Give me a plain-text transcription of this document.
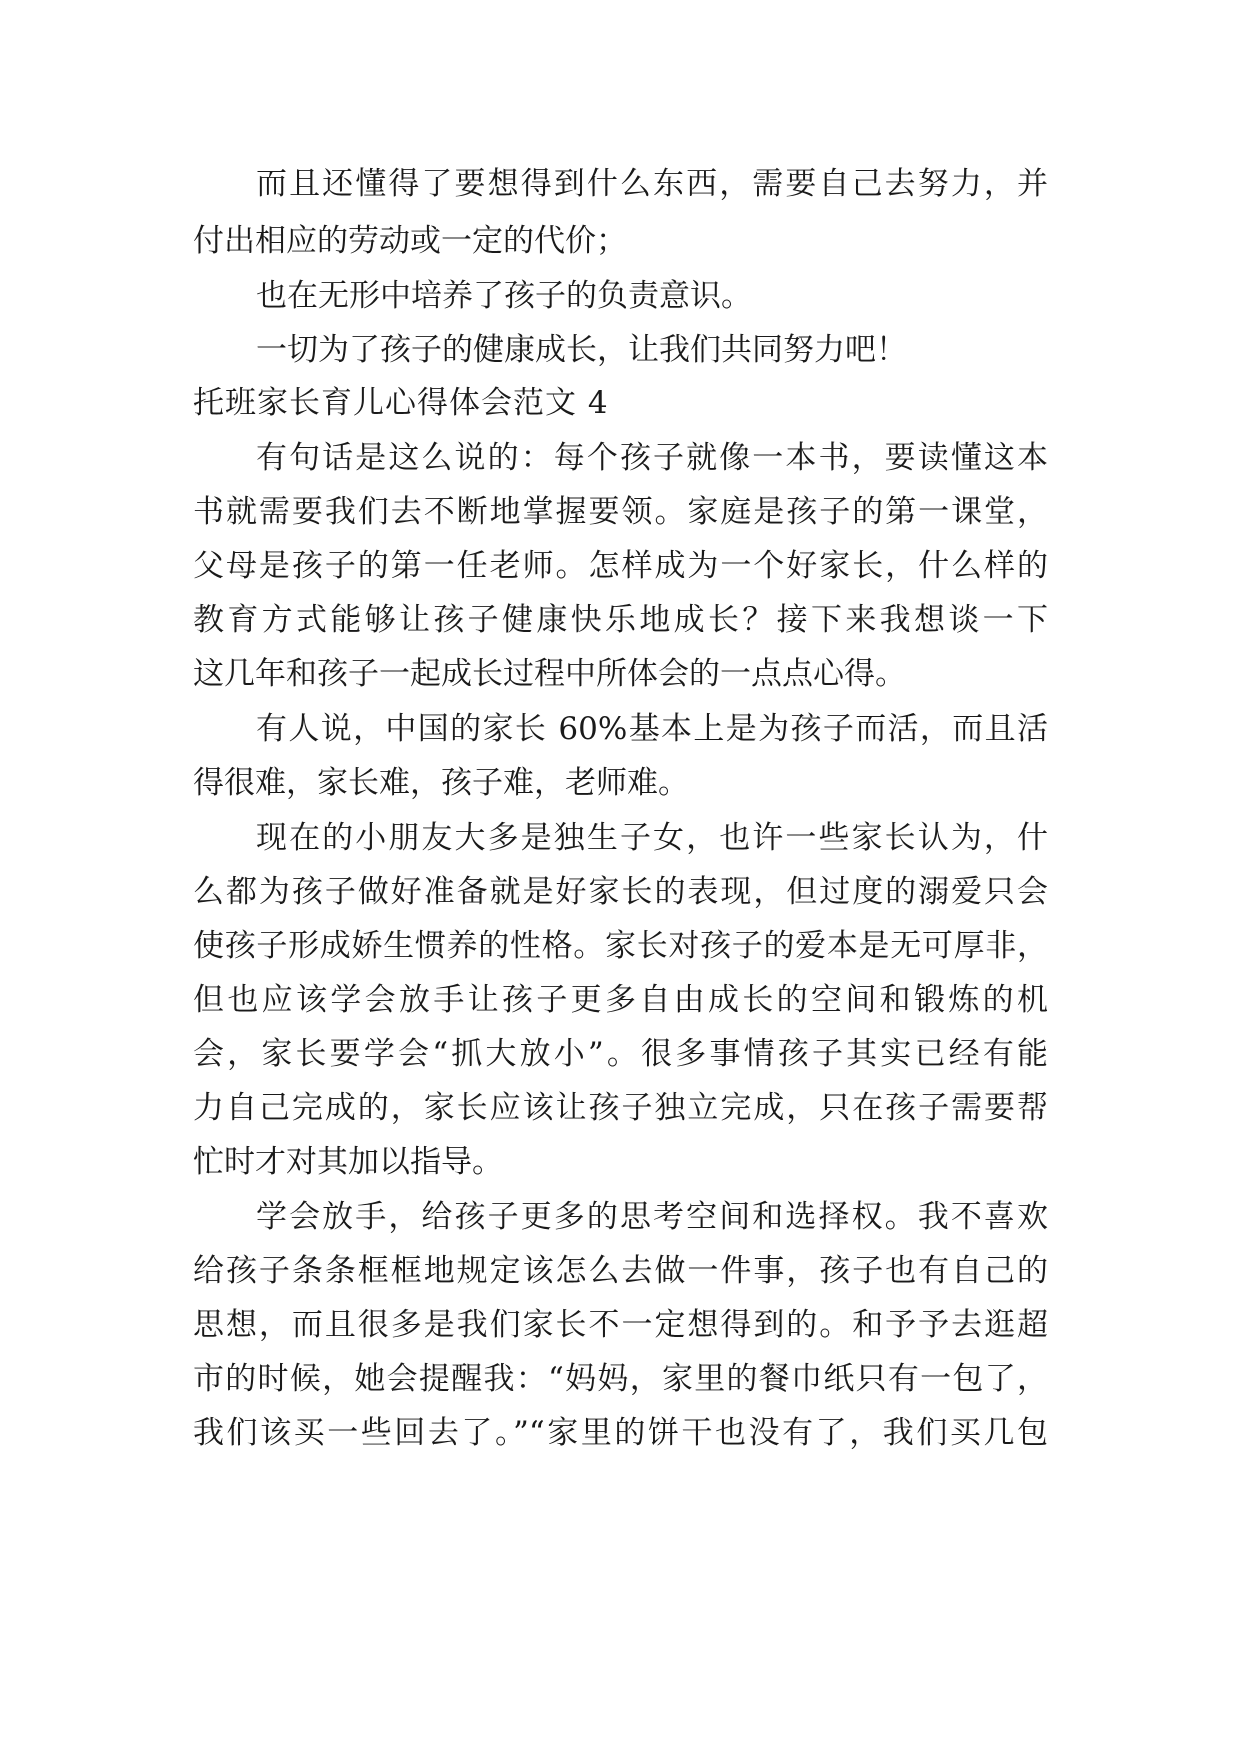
而且还懂得了要想得到什么东西，需要自己去努力，并
付出相应的劳动或一定的代价；
也在无形中培养了孩子的负责意识。
一切为了孩子的健康成长，让我们共同努力吧！
托班家长育儿心得体会范文 4
有句话是这么说的：每个孩子就像一本书，要读懂这本
书就需要我们去不断地掌握要领。家庭是孩子的第一课堂，
父母是孩子的第一任老师。怎样成为一个好家长，什么样的
教育方式能够让孩子健康快乐地成长？接下来我想谈一下
这几年和孩子一起成长过程中所体会的一点点心得。
有人说，中国的家长 60%基本上是为孩子而活，而且活
得很难，家长难，孩子难，老师难。
现在的小朋友大多是独生子女，也许一些家长认为，什
么都为孩子做好准备就是好家长的表现，但过度的溺爱只会
使孩子形成娇生惯养的性格。家长对孩子的爱本是无可厚非，
但也应该学会放手让孩子更多自由成长的空间和锻炼的机
会，家长要学会“抓大放小”。很多事情孩子其实已经有能
力自己完成的，家长应该让孩子独立完成，只在孩子需要帮
忙时才对其加以指导。
学会放手，给孩子更多的思考空间和选择权。我不喜欢
给孩子条条框框地规定该怎么去做一件事，孩子也有自己的
思想，而且很多是我们家长不一定想得到的。和予予去逛超
市的时候，她会提醒我：“妈妈，家里的餐巾纸只有一包了，
我们该买一些回去了。”“家里的饼干也没有了，我们买几包
